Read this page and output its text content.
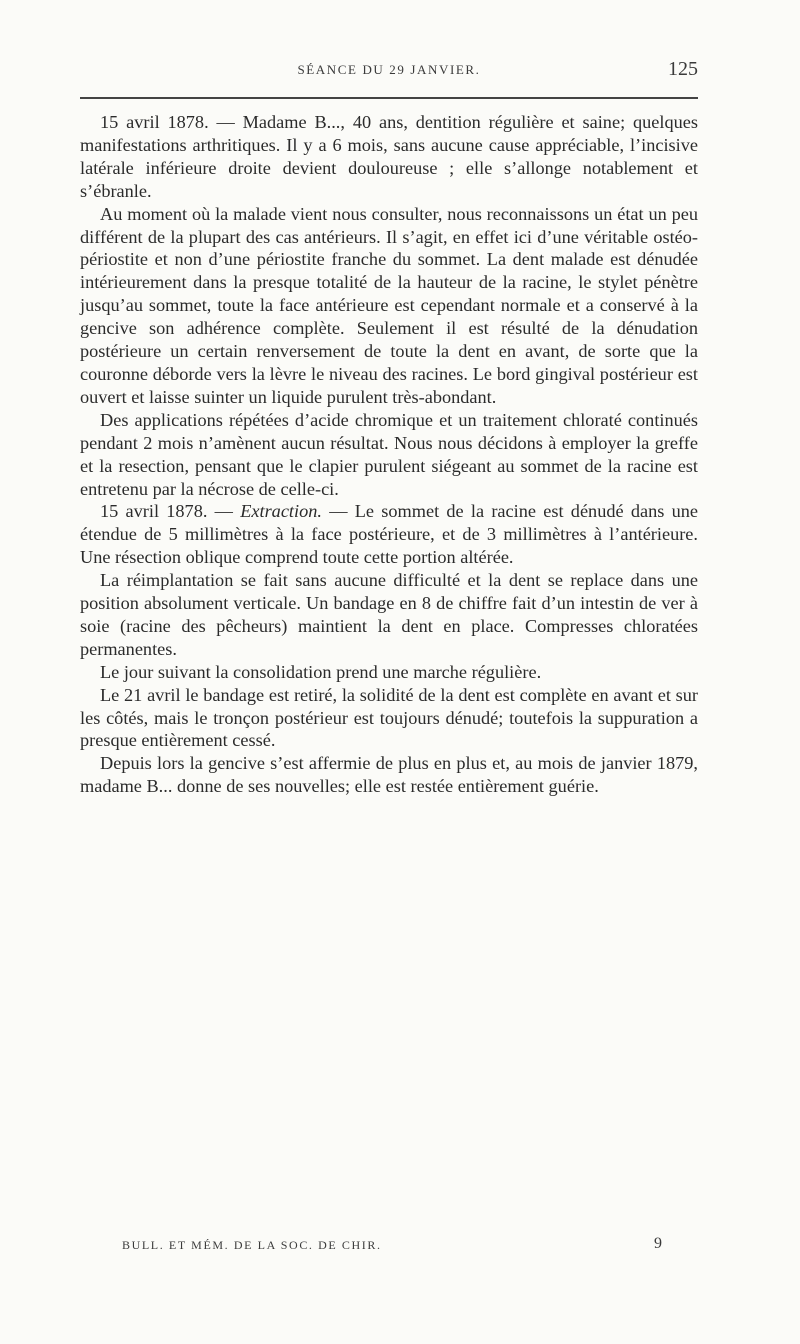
SÉANCE DU 29 JANVIER.	125

15 avril 1878. — Madame B..., 40 ans, dentition régulière et saine; quelques manifestations arthritiques. Il y a 6 mois, sans aucune cause appréciable, l’incisive latérale inférieure droite devient douloureuse ; elle s’allonge notablement et s’ébranle.

Au moment où la malade vient nous consulter, nous reconnaissons un état un peu différent de la plupart des cas antérieurs. Il s’agit, en effet ici d’une véritable ostéo-périostite et non d’une périostite franche du sommet. La dent malade est dénudée intérieurement dans la presque totalité de la hauteur de la racine, le stylet pénètre jusqu’au sommet, toute la face antérieure est cependant normale et a conservé à la gencive son adhérence complète. Seulement il est résulté de la dénudation postérieure un certain renversement de toute la dent en avant, de sorte que la couronne déborde vers la lèvre le niveau des racines. Le bord gingival postérieur est ouvert et laisse suinter un liquide purulent très-abondant.

Des applications répétées d’acide chromique et un traitement chloraté continués pendant 2 mois n’amènent aucun résultat. Nous nous décidons à employer la greffe et la resection, pensant que le clapier purulent siégeant au sommet de la racine est entretenu par la nécrose de celle-ci.

15 avril 1878. — Extraction. — Le sommet de la racine est dénudé dans une étendue de 5 millimètres à la face postérieure, et de 3 millimètres à l’antérieure. Une résection oblique comprend toute cette portion altérée.

La réimplantation se fait sans aucune difficulté et la dent se replace dans une position absolument verticale. Un bandage en 8 de chiffre fait d’un intestin de ver à soie (racine des pêcheurs) maintient la dent en place. Compresses chloratées permanentes.

Le jour suivant la consolidation prend une marche régulière.

Le 21 avril le bandage est retiré, la solidité de la dent est complète en avant et sur les côtés, mais le tronçon postérieur est toujours dénudé; toutefois la suppuration a presque entièrement cessé.

Depuis lors la gencive s’est affermie de plus en plus et, au mois de janvier 1879, madame B... donne de ses nouvelles; elle est restée entièrement guérie.

BULL. ET MÉM. DE LA SOC. DE CHIR.	9
